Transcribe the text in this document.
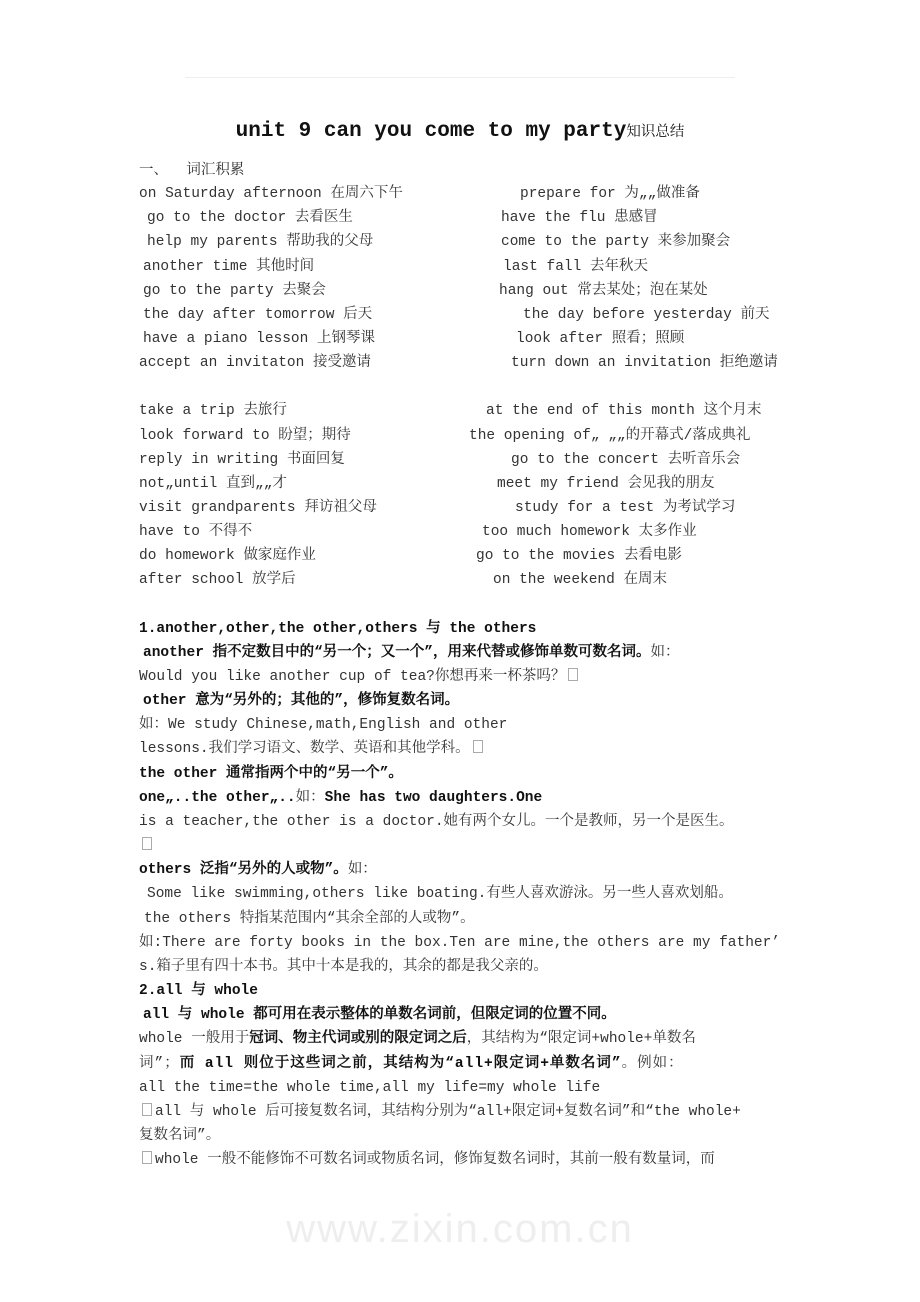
www.zixin.com.cn
unit 9 can you come to my party知识总结
一、    词汇积累
on Saturday afternoon 在周六下午	prepare for 为„„做准备
go to the doctor 去看医生	have the flu 患感冒
help my parents 帮助我的父母	come to the party 来参加聚会
another time 其他时间	last fall 去年秋天
go to the party 去聚会	hang out 常去某处；泡在某处
the day after tomorrow 后天	the day before yesterday 前天
have a piano lesson 上钢琴课	look after 照看；照顾
accept an invitaton 接受邀请	turn down an invitation 拒绝邀请
take a trip 去旅行	at the end of this month 这个月末
look forward to 盼望；期待	the opening of„ „„的开幕式/落成典礼
reply in writing 书面回复	go to the concert 去听音乐会
not„until 直到„„才	meet my friend 会见我的朋友
visit grandparents 拜访祖父母	study for a test 为考试学习
have to 不得不	too much homework 太多作业
do homework 做家庭作业	go to the movies 去看电影
after school 放学后	on the weekend 在周末
1.another,other,the other,others 与 the others
another 指不定数目中的“另一个；又一个”，用来代替或修饰单数可数名词。如：
Would you like another cup of tea?你想再来一杯茶吗？
other 意为“另外的；其他的”，修饰复数名词。
如：We study Chinese,math,English and other
lessons.我们学习语文、数学、英语和其他学科。
the other 通常指两个中的“另一个”。
one„..the other„..如：She has two daughters.One
is a teacher,the other is a doctor.她有两个女儿。一个是教师，另一个是医生。
others 泛指“另外的人或物”。如：
Some like swimming,others like boating.有些人喜欢游泳。另一些人喜欢划船。
the others 特指某范围内“其余全部的人或物”。
如:There are forty books in the box.Ten are mine,the others are my father’
s.箱子里有四十本书。其中十本是我的，其余的都是我父亲的。
2.all 与 whole
all 与 whole 都可用在表示整体的单数名词前，但限定词的位置不同。
whole 一般用于冠词、物主代词或别的限定词之后，其结构为“限定词+whole+单数名
词”；而 all 则位于这些词之前，其结构为“all+限定词+单数名词”。例如：
all the time=the whole time,all my life=my whole life
all 与 whole 后可接复数名词，其结构分别为“all+限定词+复数名词”和“the whole+
复数名词”。
whole 一般不能修饰不可数名词或物质名词，修饰复数名词时，其前一般有数量词，而
